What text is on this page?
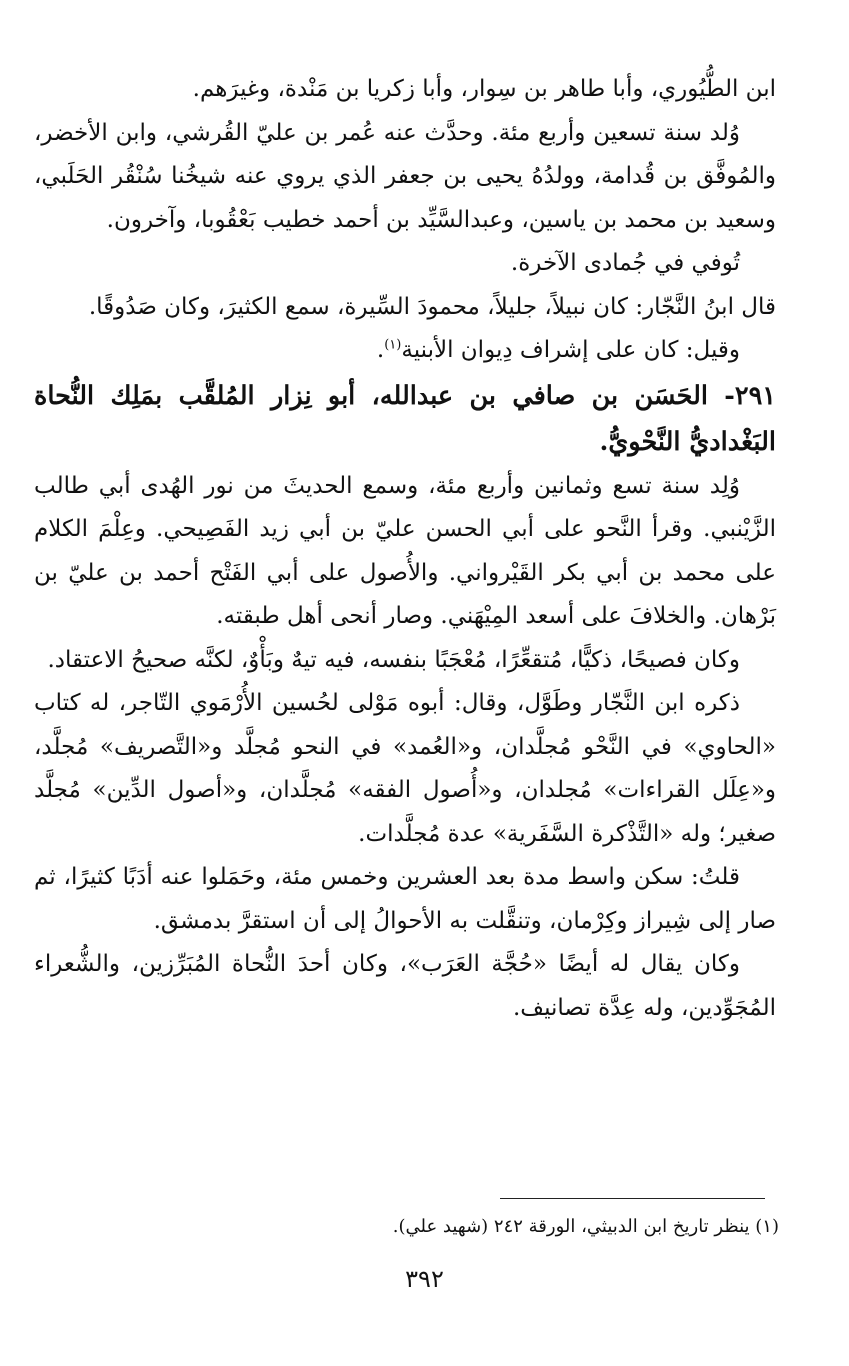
ابن الطُّيُوري، وأبا طاهر بن سِوار، وأبا زكريا بن مَنْدة، وغيرَهم.

وُلد سنة تسعين وأربع مئة. وحدَّث عنه عُمر بن عليّ القُرشي، وابن الأخضر، والمُوفَّق بن قُدامة، وولدُهُ يحيى بن جعفر الذي يروي عنه شيخُنا سُنْقُر الحَلَبي، وسعيد بن محمد بن ياسين، وعبدالسَّيِّد بن أحمد خطيب بَعْقُوبا، وآخرون.

تُوفي في جُمادى الآخرة.

قال ابنُ النَّجّار: كان نبيلاً، جليلاً، محمودَ السِّيرة، سمع الكثيرَ، وكان صَدُوقًا.

وقيل: كان على إشراف دِيوان الأبنية$^{(١)}$.

٢٩١- الحَسَن بن صافي بن عبدالله، أبو نِزار المُلقَّب بمَلِك النُّحاة البَغْداديُّ النَّحْويُّ.

وُلِد سنة تسع وثمانين وأربع مئة، وسمع الحديثَ من نور الهُدى أبي طالب الزَّيْنبي. وقرأ النَّحو على أبي الحسن عليّ بن أبي زيد الفَصِيحي. وعِلْمَ الكلام على محمد بن أبي بكر القَيْرواني. والأُصول على أبي الفَتْح أحمد بن عليّ بن بَرْهان. والخلافَ على أسعد المِيْهَني. وصار أنحى أهل طبقته.

وكان فصيحًا، ذكيًّا، مُتقعِّرًا، مُعْجَبًا بنفسه، فيه تيهٌ وبَأْوٌ، لكنَّه صحيحُ الاعتقاد.

ذكره ابن النَّجّار وطَوَّل، وقال: أبوه مَوْلى لحُسين الأُرْمَوي التّاجر، له كتاب «الحاوي» في النَّحْو مُجلَّدان، و«العُمد» في النحو مُجلَّد و«التَّصريف» مُجلَّد، و«عِلَل القراءات» مُجلدان، و«أُصول الفقه» مُجلَّدان، و«أصول الدِّين» مُجلَّد صغير؛ وله «التَّذْكرة السَّفَرية» عدة مُجلَّدات.

قلتُ: سكن واسط مدة بعد العشرين وخمس مئة، وحَمَلوا عنه أدَبًا كثيرًا، ثم صار إلى شِيراز وكِرْمان، وتنقَّلت به الأحوالُ إلى أن استقرَّ بدمشق.

وكان يقال له أيضًا «حُجَّة العَرَب»، وكان أحدَ النُّحاة المُبَرِّزين، والشُّعراء المُجَوِّدين، وله عِدَّة تصانيف.

(١) ينظر تاريخ ابن الدبيثي، الورقة ٢٤٢ (شهيد علي).
٣٩٢
